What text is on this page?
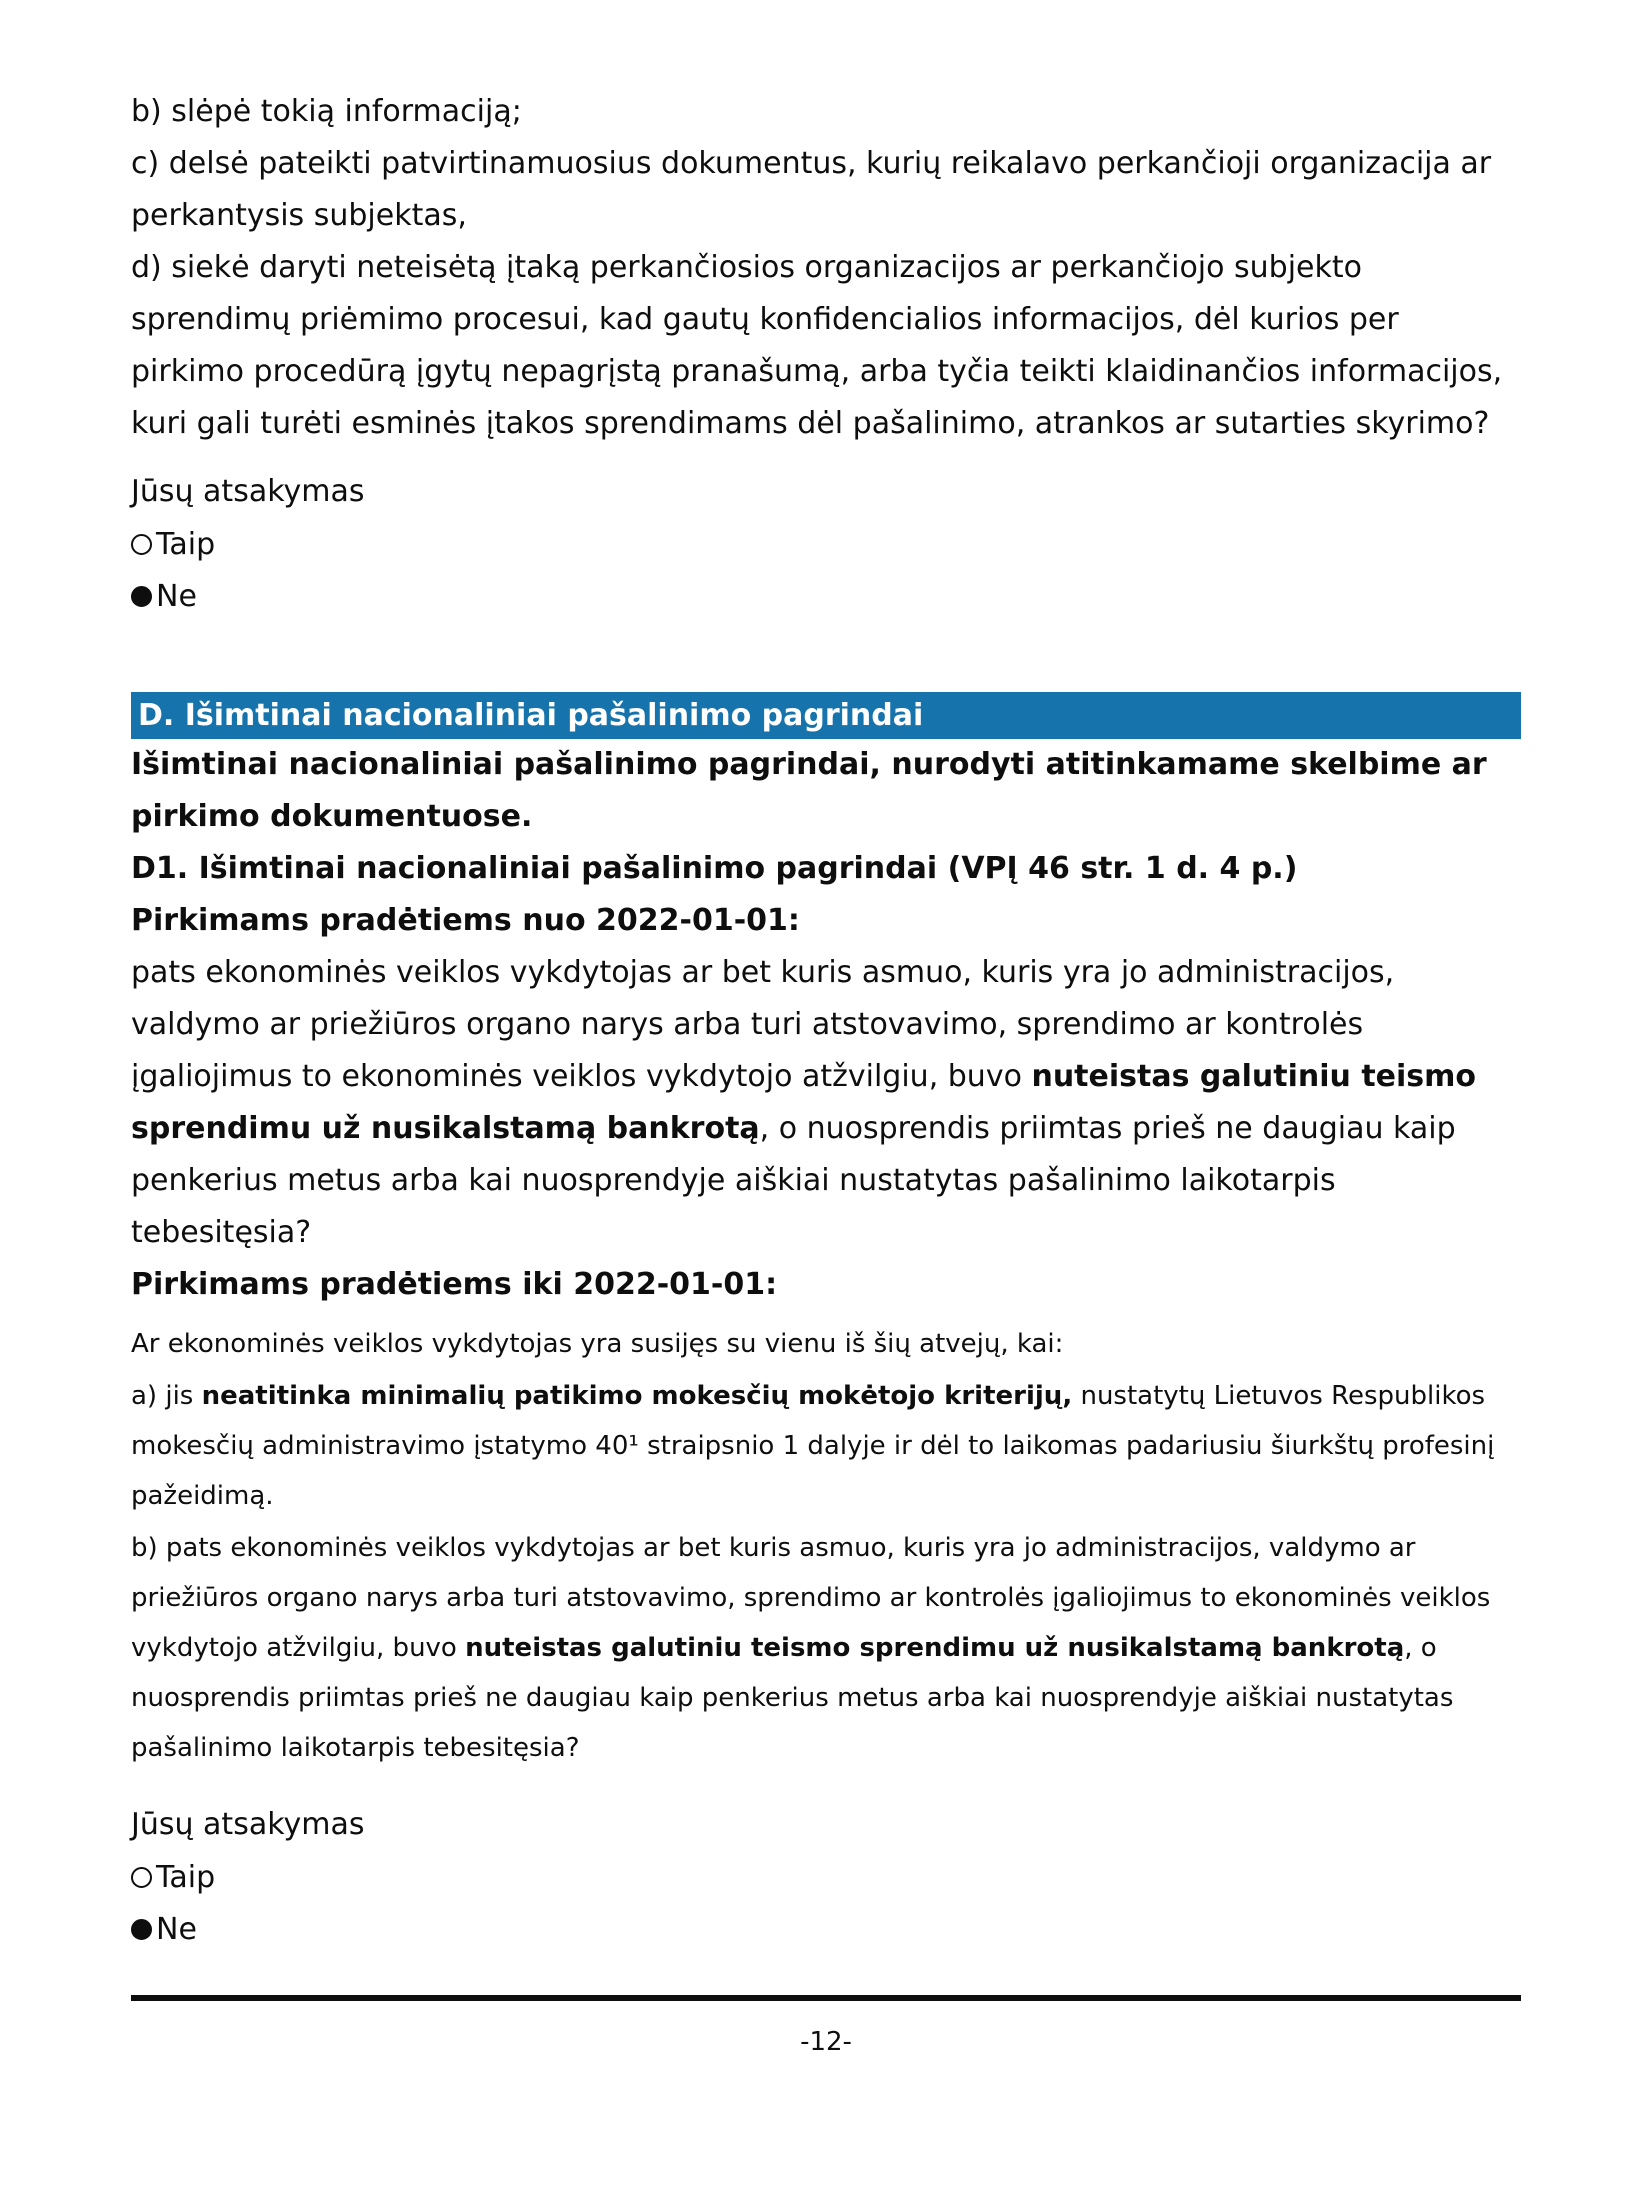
b) slėpė tokią informaciją;

c) delsė pateikti patvirtinamuosius dokumentus, kurių reikalavo perkančioji organizacija ar perkantysis subjektas,

d) siekė daryti neteisėtą įtaką perkančiosios organizacijos ar perkančiojo subjekto sprendimų priėmimo procesui, kad gautų konfidencialios informacijos, dėl kurios per pirkimo procedūrą įgytų nepagrįstą pranašumą, arba tyčia teikti klaidinančios informacijos, kuri gali turėti esminės įtakos sprendimams dėl pašalinimo, atrankos ar sutarties skyrimo?

Jūsų atsakymas
Taip
Ne
D. Išimtinai nacionaliniai pašalinimo pagrindai

Išimtinai nacionaliniai pašalinimo pagrindai, nurodyti atitinkamame skelbime ar pirkimo dokumentuose.

D1. Išimtinai nacionaliniai pašalinimo pagrindai (VPĮ 46 str. 1 d. 4 p.)

Pirkimams pradėtiems nuo 2022-01-01:

pats ekonominės veiklos vykdytojas ar bet kuris asmuo, kuris yra jo administracijos, valdymo ar priežiūros organo narys arba turi atstovavimo, sprendimo ar kontrolės įgaliojimus to ekonominės veiklos vykdytojo atžvilgiu, buvo nuteistas galutiniu teismo sprendimu už nusikalstamą bankrotą, o nuosprendis priimtas prieš ne daugiau kaip penkerius metus arba kai nuosprendyje aiškiai nustatytas pašalinimo laikotarpis tebesitęsia?

Pirkimams pradėtiems iki 2022-01-01:

Ar ekonominės veiklos vykdytojas yra susijęs su vienu iš šių atvejų, kai:

a) jis neatitinka minimalių patikimo mokesčių mokėtojo kriterijų, nustatytų Lietuvos Respublikos mokesčių administravimo įstatymo 40¹ straipsnio 1 dalyje ir dėl to laikomas padariusiu šiurkštų profesinį pažeidimą.

b) pats ekonominės veiklos vykdytojas ar bet kuris asmuo, kuris yra jo administracijos, valdymo ar priežiūros organo narys arba turi atstovavimo, sprendimo ar kontrolės įgaliojimus to ekonominės veiklos vykdytojo atžvilgiu, buvo nuteistas galutiniu teismo sprendimu už nusikalstamą bankrotą, o nuosprendis priimtas prieš ne daugiau kaip penkerius metus arba kai nuosprendyje aiškiai nustatytas pašalinimo laikotarpis tebesitęsia?

Jūsų atsakymas
Taip
Ne
-12-
